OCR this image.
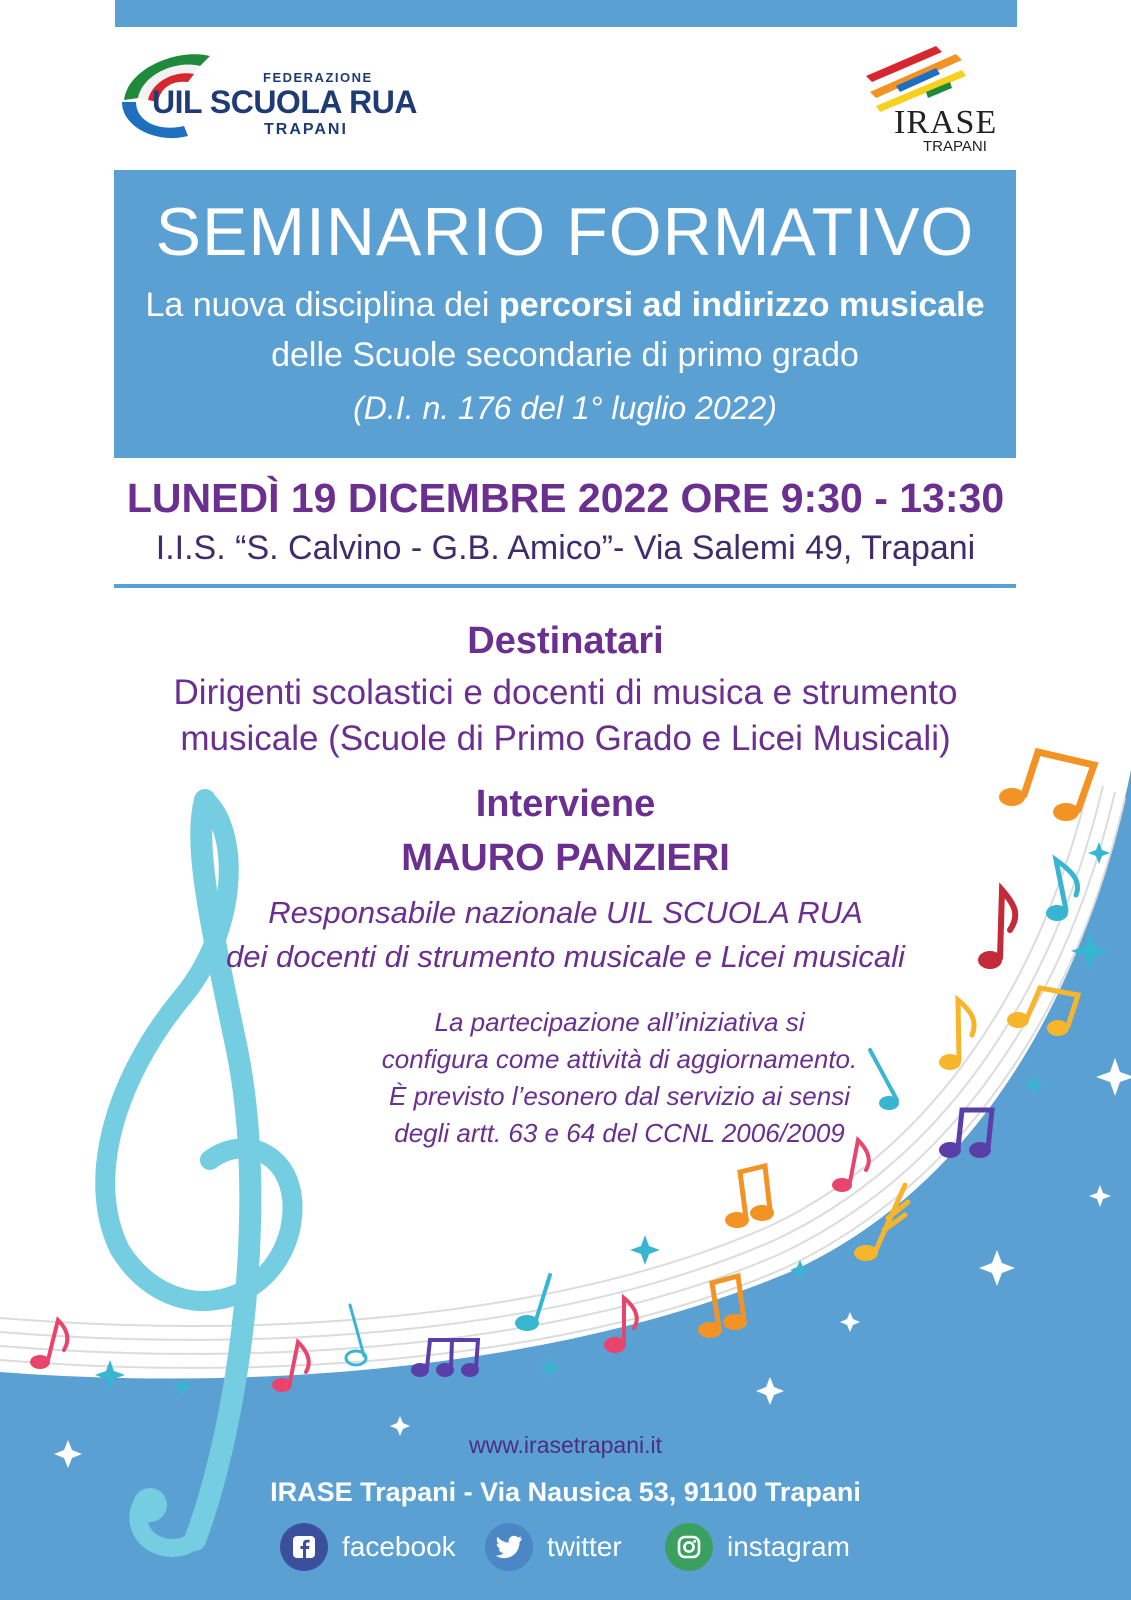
FEDERAZIONE
UIL SCUOLA RUA
TRAPANI	IRASE
TRAPANI
SEMINARIO FORMATIVO
La nuova disciplina dei percorsi ad indirizzo musicale delle Scuole secondarie di primo grado
(D.I. n. 176 del 1° luglio 2022)
LUNEDÌ 19 DICEMBRE 2022 ORE 9:30 - 13:30
I.I.S. “S. Calvino - G.B. Amico”- Via Salemi 49, Trapani
Destinatari
Dirigenti scolastici e docenti di musica e strumento
musicale (Scuole di Primo Grado e Licei Musicali)
Interviene
MAURO PANZIERI
Responsabile nazionale UIL SCUOLA RUA
dei docenti di strumento musicale e Licei musicali
La partecipazione all’iniziativa si
configura come attività di aggiornamento.
È previsto l’esonero dal servizio ai sensi
degli artt. 63 e 64 del CCNL 2006/2009
www.irasetrapani.it
IRASE Trapani - Via Nausica 53, 91100 Trapani
facebook	twitter	instagram
